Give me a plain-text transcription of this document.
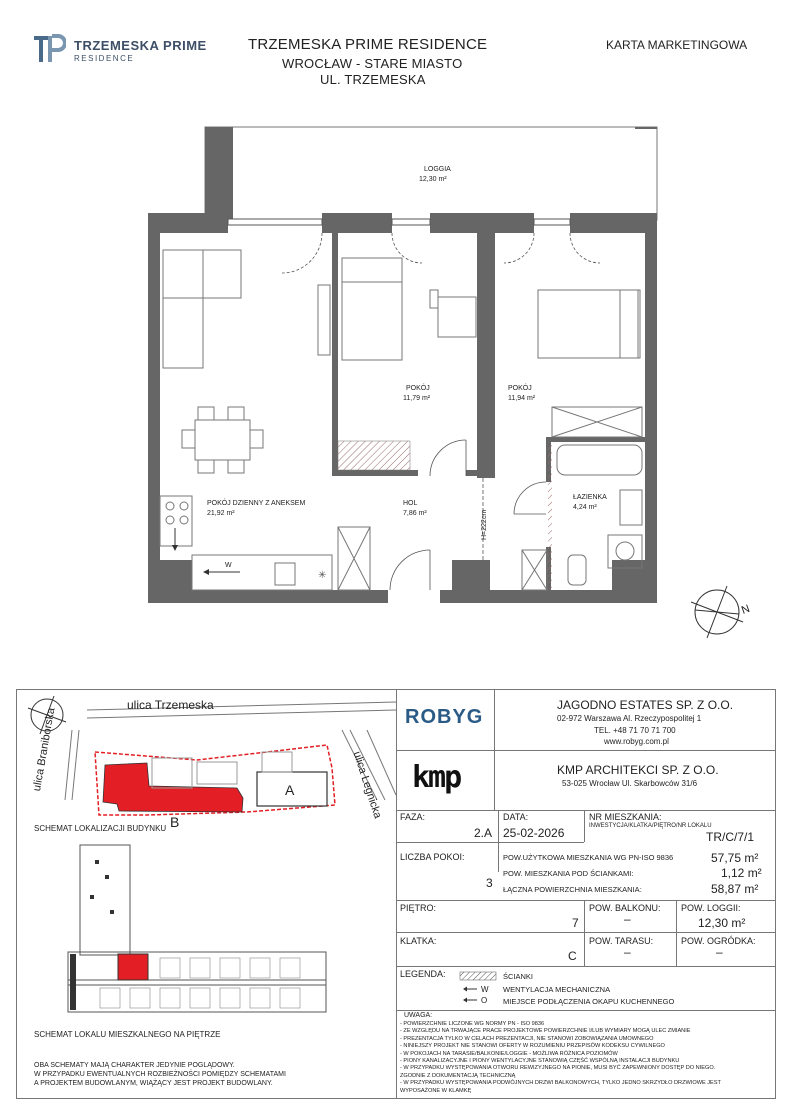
TRZEMESKA PRIME
RESIDENCE
TRZEMESKA PRIME RESIDENCE
WROCŁAW - STARE MIASTO
UL. TRZEMESKA
KARTA MARKETINGOWA
W
✳
LOGGIA
12,30 m²
POKÓJ
11,79 m²
POKÓJ
11,94 m²
POKÓJ DZIENNY Z ANEKSEM
21,92 m²
HOL
7,86 m²
ŁAZIENKA
4,24 m²
H=222cm
N
ulica Trzemeska
ulica Braniborska	ulica Legnicka
A
B
SCHEMAT LOKALIZACJI BUDYNKU
SCHEMAT LOKALU MIESZKALNEGO NA PIĘTRZE
OBA SCHEMATY MAJĄ CHARAKTER JEDYNIE POGLĄDOWY.
W PRZYPADKU EWENTUALNYCH ROZBIEŻNOŚCI POMIĘDZY SCHEMATAMI
A PROJEKTEM BUDOWLANYM, WIĄŻĄCY JEST PROJEKT BUDOWLANY.
ROBYG
JAGODNO ESTATES SP. Z O.O.
02-972 Warszawa Al. Rzeczypospolitej 1
TEL. +48 71 70 71 700
www.robyg.com.pl
kmp	KMP ARCHITEKCI SP. Z O.O.
53-025 Wrocław Ul. Skarbowców 31/6
FAZA:
2.A
DATA:
25-02-2026
NR MIESZKANIA:
INWESTYCJA/KLATKA/PIĘTRO/NR LOKALU
TR/C/7/1
LICZBA POKOI:
3
POW.UŻYTKOWA MIESZKANIA WG PN-ISO 9836	57,75 m²
POW. MIESZKANIA POD ŚCIANKAMI:	1,12 m²
ŁĄCZNA POWIERZCHNIA MIESZKANIA:	58,87 m²
PIĘTRO:
7
POW. BALKONU:
–
POW. LOGGII:
12,30 m²
KLATKA:
C
POW. TARASU:
–
POW. OGRÓDKA:
–
LEGENDA:
W
O
ŚCIANKI
WENTYLACJA MECHANICZNA
MIEJSCE PODŁĄCZENIA OKAPU KUCHENNEGO
UWAGA:
- POWIERZCHNIE LICZONE WG NORMY PN - ISO 9836
- ZE WZGLĘDU NA TRWAJĄCE PRACE PROJEKTOWE POWIERZCHNIE I/LUB WYMIARY MOGĄ ULEC ZMIANIE
- PREZENTACJA TYLKO W CELACH PREZENTACJI, NIE STANOWI ZOBOWIĄZANIA UMOWNEGO
- NINIEJSZY PROJEKT NIE STANOWI OFERTY W ROZUMIENIU PRZEPISÓW KODEKSU CYWILNEGO
- W POKOJACH NA TARASIE/BALKONIE/LOGGIE - MOŻLIWA RÓŻNICA POZIOMÓW
- PIONY KANALIZACYJNE I PIONY WENTYLACYJNE STANOWIĄ CZĘŚĆ WSPÓLNĄ INSTALACJI BUDYNKU
- W PRZYPADKU WYSTĘPOWANIA OTWORU REWIZYJNEGO NA PIONIE, MUSI BYĆ ZAPEWNIONY DOSTĘP DO NIEGO.
ZGODNIE Z DOKUMENTACJĄ TECHNICZNĄ
- W PRZYPADKU WYSTĘPOWANIA PODWÓJNYCH DRZWI BALKONOWYCH, TYLKO JEDNO SKRZYDŁO DRZWIOWE JEST
WYPOSAŻONE W KLAMKĘ
